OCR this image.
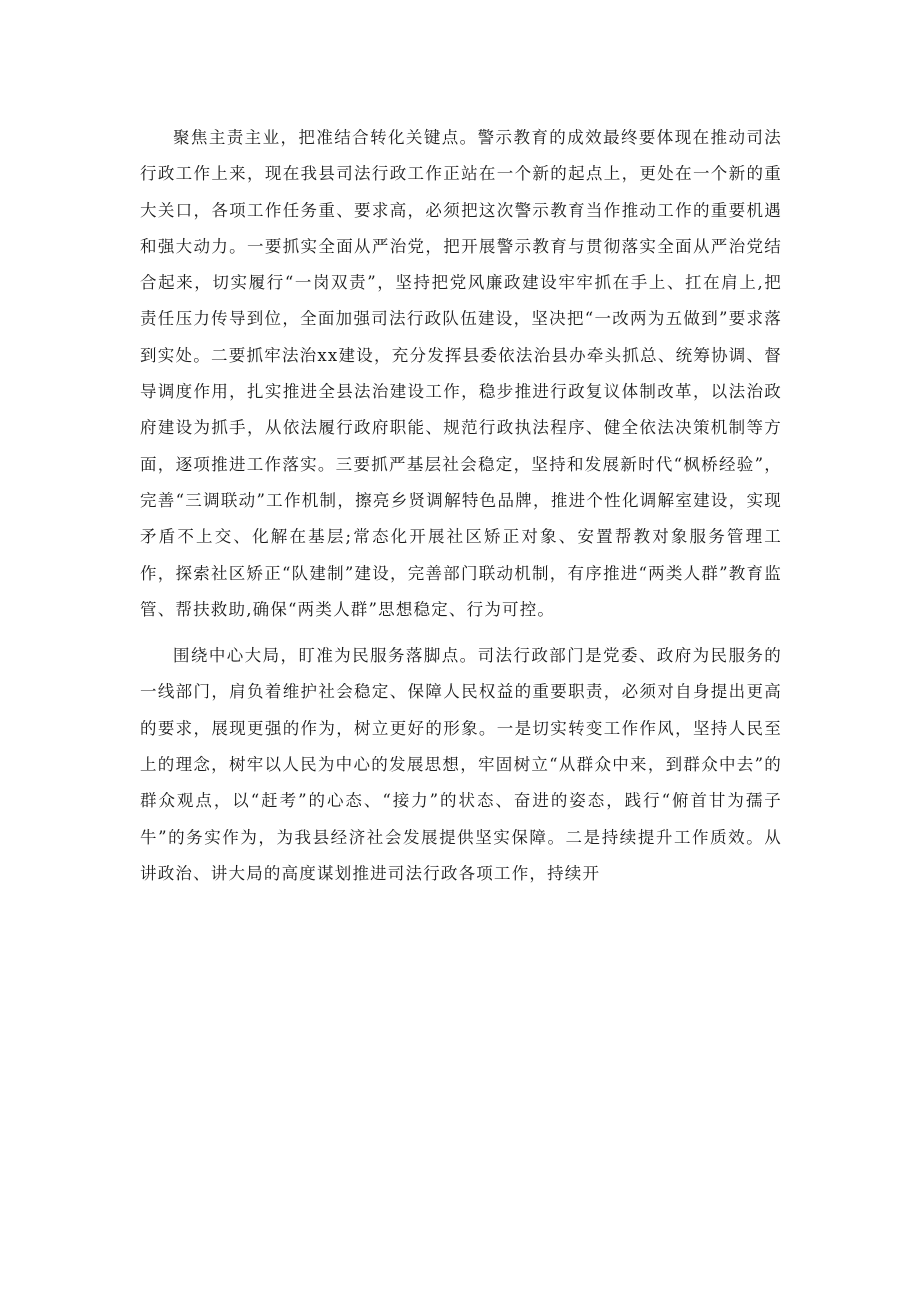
聚焦主责主业，把准结合转化关键点。警示教育的成效最终要体现在推动司法行政工作上来，现在我县司法行政工作正站在一个新的起点上，更处在一个新的重大关口，各项工作任务重、要求高，必须把这次警示教育当作推动工作的重要机遇和强大动力。一要抓实全面从严治党，把开展警示教育与贯彻落实全面从严治党结合起来，切实履行“一岗双责”，坚持把党风廉政建设牢牢抓在手上、扛在肩上,把责任压力传导到位，全面加强司法行政队伍建设，坚决把“一改两为五做到”要求落到实处。二要抓牢法治xx建设，充分发挥县委依法治县办牵头抓总、统筹协调、督导调度作用，扎实推进全县法治建设工作，稳步推进行政复议体制改革，以法治政府建设为抓手，从依法履行政府职能、规范行政执法程序、健全依法决策机制等方面，逐项推进工作落实。三要抓严基层社会稳定，坚持和发展新时代“枫桥经验”，完善“三调联动”工作机制，擦亮乡贤调解特色品牌，推进个性化调解室建设，实现矛盾不上交、化解在基层;常态化开展社区矫正对象、安置帮教对象服务管理工作，探索社区矫正“队建制”建设，完善部门联动机制，有序推进“两类人群”教育监管、帮扶救助,确保“两类人群”思想稳定、行为可控。

围绕中心大局，盯准为民服务落脚点。司法行政部门是党委、政府为民服务的一线部门，肩负着维护社会稳定、保障人民权益的重要职责，必须对自身提出更高的要求，展现更强的作为，树立更好的形象。一是切实转变工作作风，坚持人民至上的理念，树牢以人民为中心的发展思想，牢固树立“从群众中来，到群众中去”的群众观点，以“赶考”的心态、“接力”的状态、奋进的姿态，践行“俯首甘为孺子牛”的务实作为，为我县经济社会发展提供坚实保障。二是持续提升工作质效。从讲政治、讲大局的高度谋划推进司法行政各项工作，持续开
